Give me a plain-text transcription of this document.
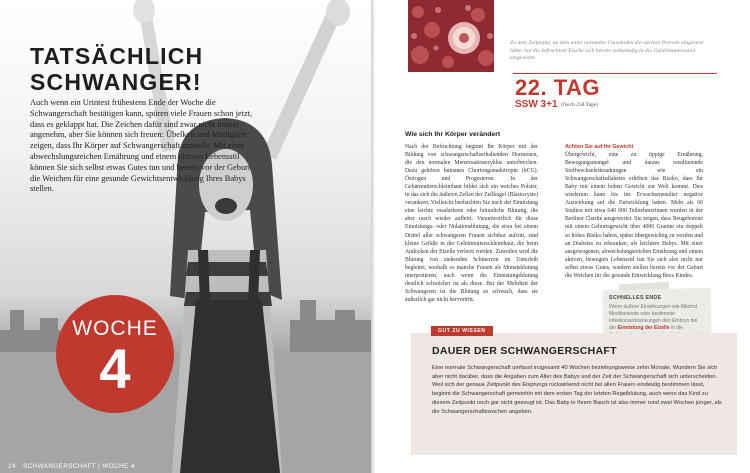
TATSÄCHLICH
SCHWANGER!

Auch wenn ein Urintest frühestens Ende der Woche die Schwangerschaft bestätigen kann, spüren viele Frauen schon jetzt, dass es geklappt hat. Die Zeichen dafür sind zwar nicht immer angenehm, aber Sie können sich freuen: Übelkeit und Müdigkeit zeigen, dass Ihr Körper auf Schwangerschaft umstellt. Mit einer abwechslungsreichen Ernährung und einem aktiven Lebensstil können Sie sich selbst etwas Gutes tun und bereits vor der Geburt die Weichen für eine gesunde Gewichtsentwicklung Ihres Babys stellen.

WOCHE
4
24 SCHWANGERSCHAFT | WOCHE 4

Zu dem Zeitpunkt, an dem unter normalen Umständen die nächste Periode eingesetzt hätte, hat die befruchtete Eizelle sich bereits vollständig in die Gebärmutterwand eingenistet.

22. TAG
SSW 3+1 (Noch 258 Tage)
Wie sich Ihr Körper verändert

Nach der Befruchtung beginnt Ihr Körper mit der Bildung von schwangerschaftserhaltenden Hormonen, die den normalen Menstruationszyklus unterbrechen. Dazu gehören humanes Choriongonadotropin (hCG), Östrogen und Progesteron. In der Gebärmutterschleimhaut bildet sich ein weiches Polster, in das sich die äußeren Zellen der Zellkugel (Blastozyste) verankern. Vielleicht beobachten Sie nach der Einnistung eine leichte rosafarbene oder bräunliche Blutung, die aber rasch wieder aufhört. Verantwortlich für diese Einnistungs- oder Nidationsblutung, die etwa bei einem Drittel aller schwangeren Frauen sichtbar auftritt, sind kleine Gefäße in der Gebärmutterschleimhaut, die beim Andocken der Eizelle verletzt werden. Zuweilen wird die Blutung von ziehenden Schmerzen im Unterleib begleitet, weshalb so manche Frauen als Monatsblutung interpretieren, auch wenn die Einnistungsblutung deutlich schwächer ist als diese. Bei der Mehrheit der Schwangeren ist die Blutung so schwach, dass sie äußerlich gar nicht hervortritt.

Achten Sie auf Ihr Gewicht
Übergewicht, eine zu üppige Ernährung, Bewegungsmangel und daraus resultierende Stoffwechselerkrankungen wie ein Schwangerschaftsdiabetes erhöhen das Risiko, dass Ihr Baby mit einem hohen Gewicht zur Welt kommt. Dies wiederum kann bis ins Erwachsenenalter negative Auswirkung auf die Entwicklung haben. Mehr als 60 Studien mit etwa 640 000 Teilnehmerinnen wurden in der Berliner Charité ausgewertet. Sie zeigen, dass Neugeborene mit einem Geburtsgewicht über 4000 Gramm ein doppelt so hohes Risiko haben, später übergewichtig zu werden und an Diabetes zu erkranken, als leichtere Babys. Mit einer ausgewogenen, abwechslungsreichen Ernährung und einem aktiven, bewegten Lebensstil tun Sie sich also nicht nur selbst etwas Gutes, sondern stellen bereits vor der Geburt die Weichen für die gesunde Entwicklung Ihres Kindes.
SCHNELLES ENDE

Wenn äußere Einwirkungen wie Alkohol, Medikamente oder bestimmte Infektionserkrankungen den Embryo bei der Einnistung der Eizelle in die

GUT ZU WISSEN
DAUER DER SCHWANGERSCHAFT

Eine normale Schwangerschaft umfasst insgesamt 40 Wochen beziehungsweise zehn Monate. Wundern Sie sich aber nicht darüber, dass die Angaben zum Alter des Babys und der Zeit der Schwangerschaft sich unterscheiden. Weil sich der genaue Zeitpunkt des Eisprungs rückwirkend nicht bei allen Frauen eindeutig bestimmen lässt, beginnt die Schwangerschaft gemeinhin mit dem ersten Tag der letzten Regelblutung, auch wenn das Kind zu diesem Zeitpunkt noch gar nicht gezeugt ist. Das Baby in Ihrem Bauch ist also immer rund zwei Wochen jünger, als die Schwangerschaftswochen angeben.
